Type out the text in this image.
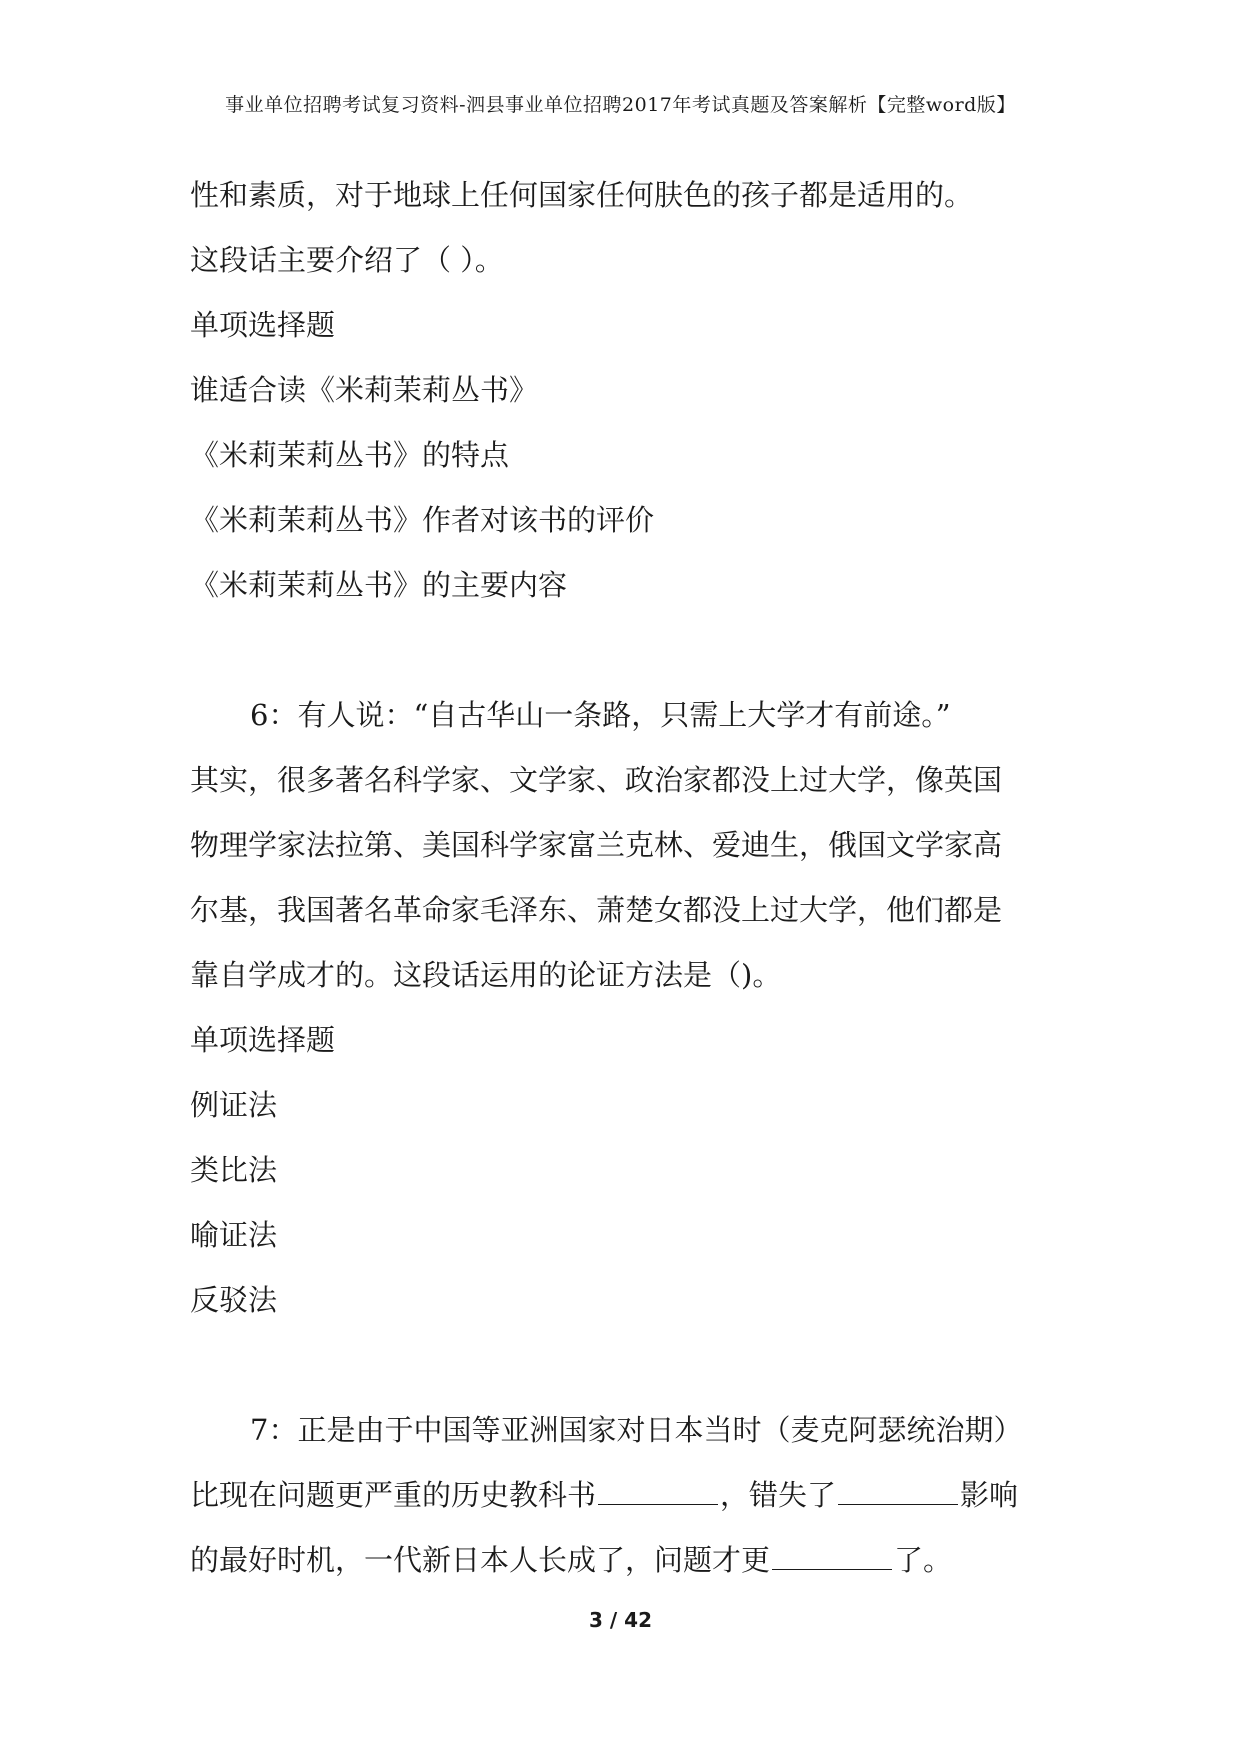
事业单位招聘考试复习资料-泗县事业单位招聘2017年考试真题及答案解析【完整word版】
性和素质，对于地球上任何国家任何肤色的孩子都是适用的。
这段话主要介绍了（ ）。
单项选择题
谁适合读《米莉茉莉丛书》
《米莉茉莉丛书》的特点
《米莉茉莉丛书》作者对该书的评价
《米莉茉莉丛书》的主要内容
6：有人说：“自古华山一条路，只需上大学才有前途。”
其实，很多著名科学家、文学家、政治家都没上过大学，像英国
物理学家法拉第、美国科学家富兰克林、爱迪生，俄国文学家高
尔基，我国著名革命家毛泽东、萧楚女都没上过大学，他们都是
靠自学成才的。这段话运用的论证方法是（)。
单项选择题
例证法
类比法
喻证法
反驳法
7：正是由于中国等亚洲国家对日本当时（麦克阿瑟统治期）
比现在问题更严重的历史教科书	，错失了	影响
的最好时机，一代新日本人长成了，问题才更	了。
3 / 42
